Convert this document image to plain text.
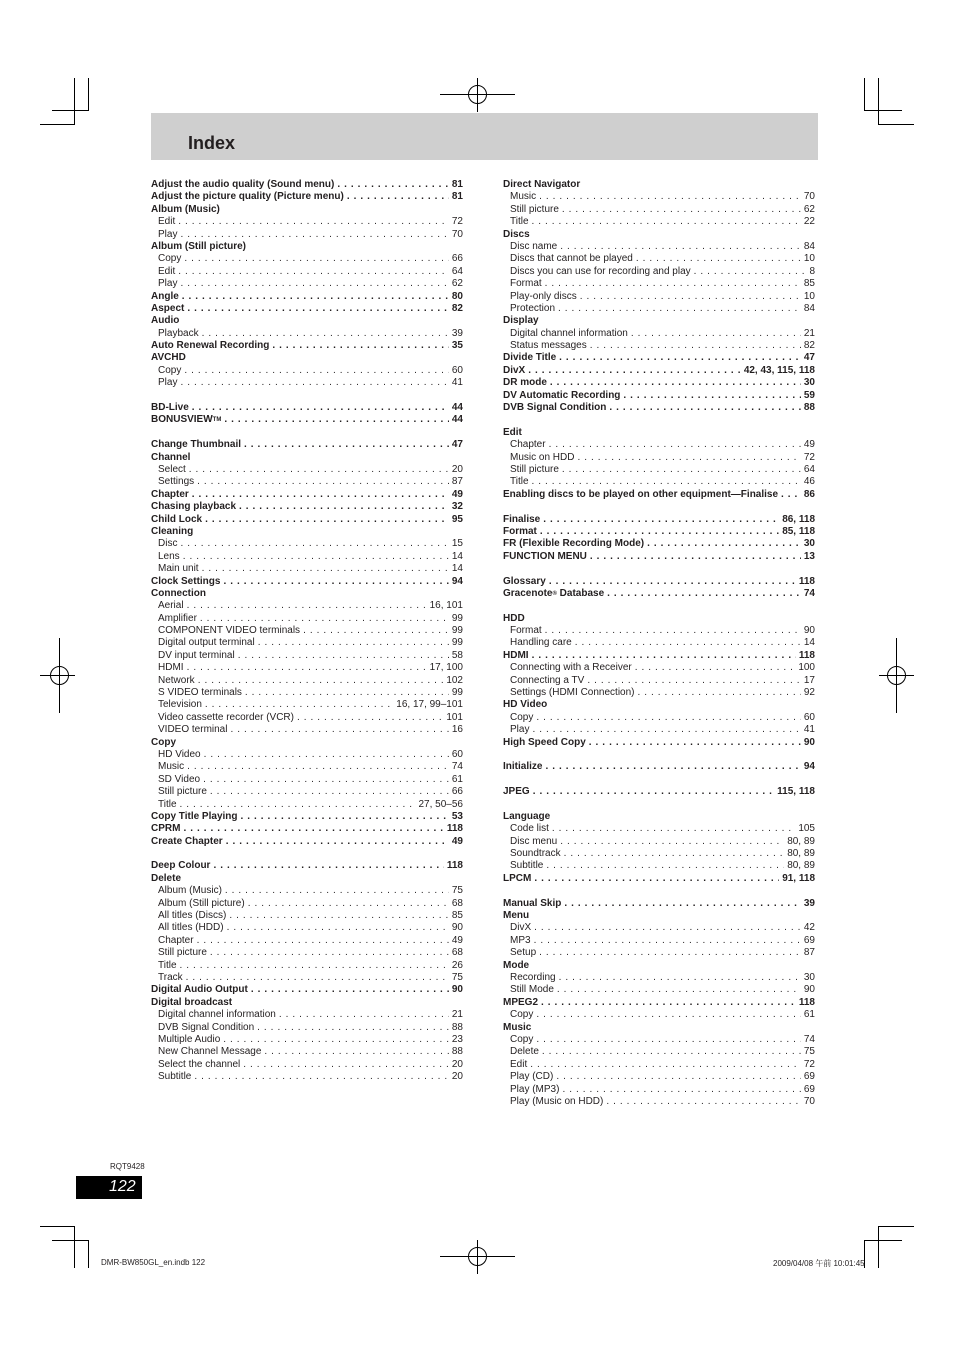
Index
Adjust the audio quality (Sound menu) . . .	81
Adjust the picture quality (Picture menu) . . .	81
Album (Music)
Edit . . .	72
Play . . .	70
Album (Still picture)
Copy . . .	66
Edit . . .	64
Play . . .	62
Angle . . .	80
Aspect . . .	82
Audio
Playback . . .	39
Auto Renewal Recording . . .	35
AVCHD
Copy . . .	60
Play . . .	41
BD-Live . . .	44
BONUSVIEW™ . . .	44
Change Thumbnail . . .	47
Channel
Select . . .	20
Settings . . .	87
Chapter . . .	49
Chasing playback . . .	32
Child Lock . . .	95
Cleaning
Disc . . .	15
Lens . . .	14
Main unit . . .	14
Clock Settings . . .	94
Connection
Aerial . . .	16, 101
Amplifier . . .	99
COMPONENT VIDEO terminals . . .	99
Digital output terminal . . .	99
DV input terminal . . .	58
HDMI . . .	17, 100
Network . . .	102
S VIDEO terminals . . .	99
Television . . .	16, 17, 99–101
Video cassette recorder (VCR) . . .	101
VIDEO terminal . . .	16
Copy
HD Video . . .	60
Music . . .	74
SD Video . . .	61
Still picture . . .	66
Title . . .	27, 50–56
Copy Title Playing . . .	53
CPRM . . .	118
Create Chapter . . .	49
Deep Colour . . .	118
Delete
Album (Music) . . .	75
Album (Still picture) . . .	68
All titles (Discs) . . .	85
All titles (HDD) . . .	90
Chapter . . .	49
Still picture . . .	68
Title . . .	26
Track . . .	75
Digital Audio Output . . .	90
Digital broadcast
Digital channel information . . .	21
DVB Signal Condition . . .	88
Multiple Audio . . .	23
New Channel Message . . .	88
Select the channel . . .	20
Subtitle . . .	20
Direct Navigator
Music . . .	70
Still picture . . .	62
Title . . .	22
Discs
Disc name . . .	84
Discs that cannot be played . . .	10
Discs you can use for recording and play . . .	8
Format . . .	85
Play-only discs . . .	10
Protection . . .	84
Display
Digital channel information . . .	21
Status messages . . .	82
Divide Title . . .	47
DivX . . .	42, 43, 115, 118
DR mode . . .	30
DV Automatic Recording . . .	59
DVB Signal Condition . . .	88
Edit
Chapter . . .	49
Music on HDD . . .	72
Still picture . . .	64
Title . . .	46
Enabling discs to be played on other equipment—Finalise . . .	86
Finalise . . .	86, 118
Format . . .	85, 118
FR (Flexible Recording Mode) . . .	30
FUNCTION MENU . . .	13
Glossary . . .	118
Gracenote® Database . . .	74
HDD
Format . . .	90
Handling care . . .	14
HDMI . . .	118
Connecting with a Receiver . . .	100
Connecting a TV . . .	17
Settings (HDMI Connection) . . .	92
HD Video
Copy . . .	60
Play . . .	41
High Speed Copy . . .	90
Initialize . . .	94
JPEG . . .	115, 118
Language
Code list . . .	105
Disc menu . . .	80, 89
Soundtrack . . .	80, 89
Subtitle . . .	80, 89
LPCM . . .	91, 118
Manual Skip . . .	39
Menu
DivX . . .	42
MP3 . . .	69
Setup . . .	87
Mode
Recording . . .	30
Still Mode . . .	90
MPEG2 . . .	118
Copy . . .	61
Music
Copy . . .	74
Delete . . .	75
Edit . . .	72
Play (CD) . . .	69
Play (MP3) . . .	69
Play (Music on HDD) . . .	70
RQT9428
122
DMR-BW850GL_en.indb 122	2009/04/08 午前 10:01:45
